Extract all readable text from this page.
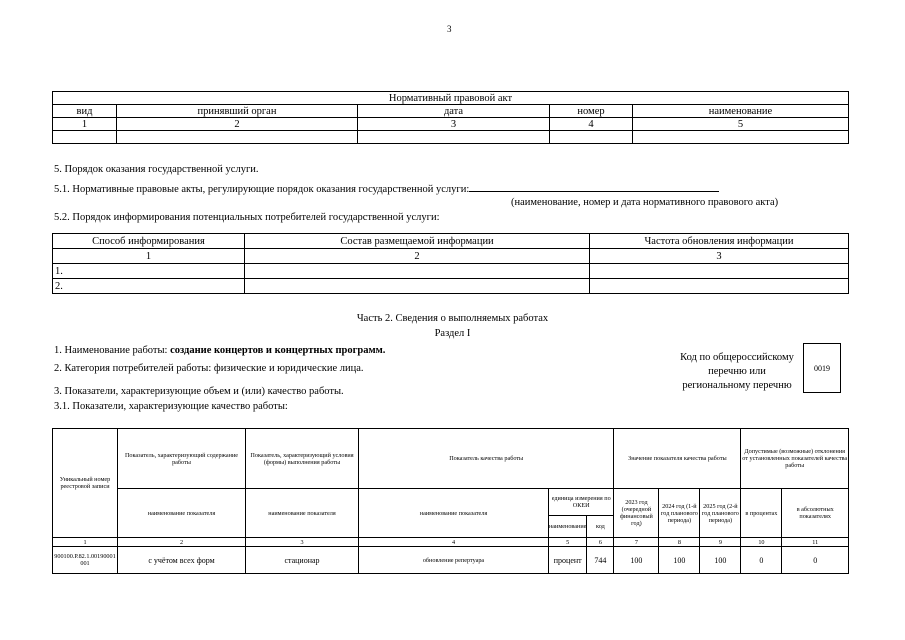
3
Нормативный правовой акт				
вид	принявший орган	дата	номер	наименование
1	2	3	4	5

5. Порядок оказания государственной услуги.
5.1. Нормативные правовые акты, регулирующие порядок оказания государственной услуги:
(наименование, номер и дата нормативного правового акта)
5.2. Порядок информирования потенциальных потребителей государственной услуги:
Способ информирования	Состав размещаемой информации	Частота обновления информации
1	2	3
1.		
2.		
Часть 2. Сведения о выполняемых работах
Раздел I
1. Наименование работы: создание концертов и концертных программ.
2. Категория потребителей работы: физические и юридические лица.
3. Показатели, характеризующие объем и (или) качество работы.
3.1. Показатели, характеризующие качество работы:
Код по общероссийскому
перечню или
региональному перечню
0019
Уникальный номер реестровой записи	Показатель, характеризующий содержание работы	Показатель, характеризующий условия (формы) выполнения работы	Показатель качества работы			Значение показателя качества работы			Допустимые (возможные) отклонения от установленных показателей качества работы	
	наименование показателя	наименование показателя	наименование показателя	единица измерения по ОКЕИ		2023 год (очередной финансовый год)	2024 год (1-й год планового периода)	2025 год (2-й год планового периода)	в процентах	в абсолютных показателях
				наименование	код					
1	2	3	4	5	6	7	8	9	10	11
900100.Р.82.1.00190001001	с учётом всех форм	стационар	обновление репертуара	процент	744	100	100	100	0	0
